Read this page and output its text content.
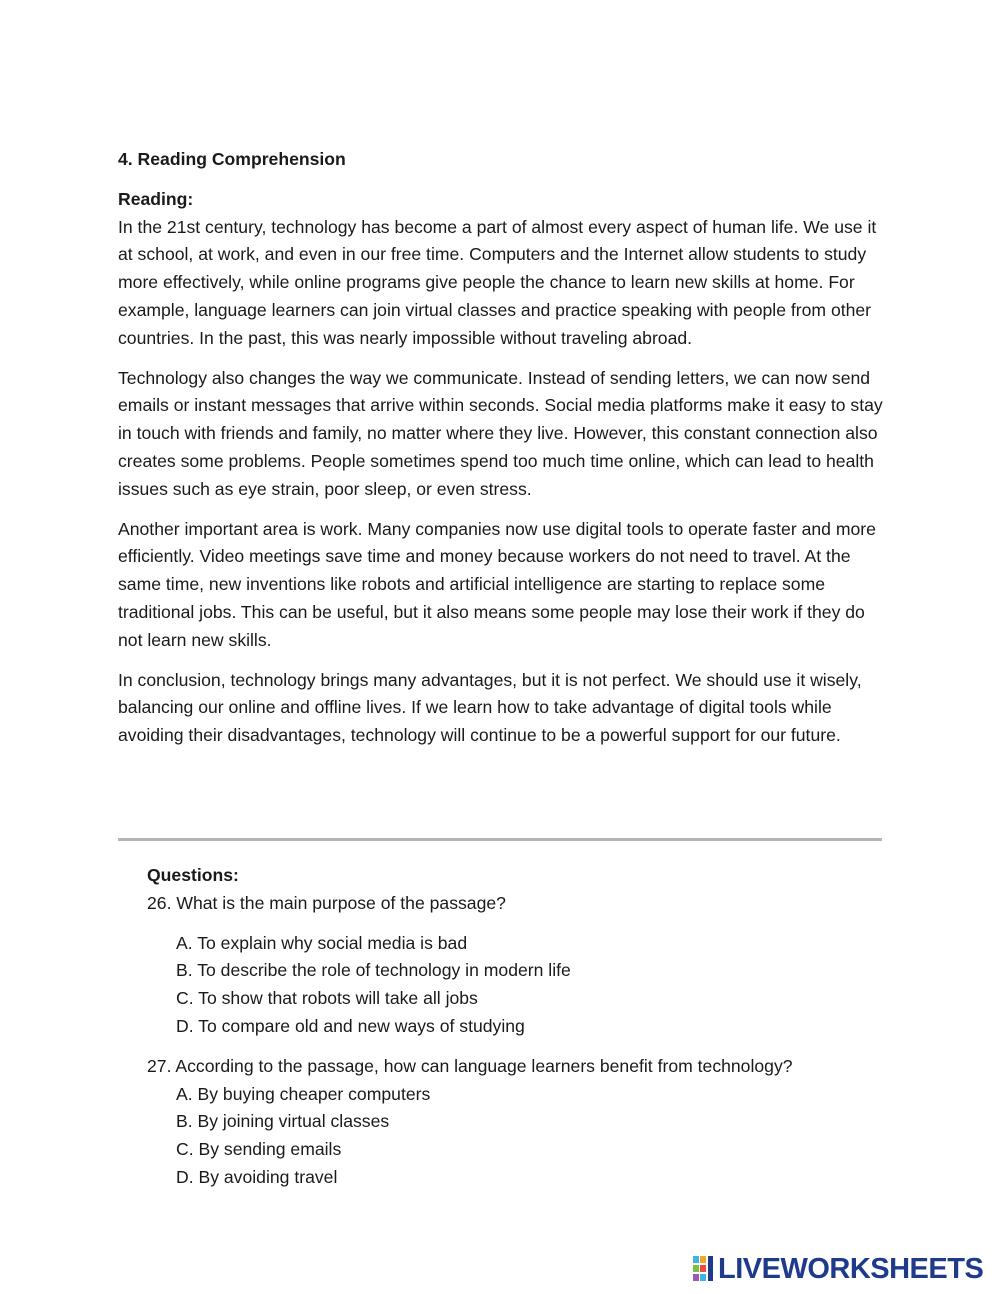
4. Reading Comprehension

Reading:

In the 21st century, technology has become a part of almost every aspect of human life. We use it at school, at work, and even in our free time. Computers and the Internet allow students to study more effectively, while online programs give people the chance to learn new skills at home. For example, language learners can join virtual classes and practice speaking with people from other countries. In the past, this was nearly impossible without traveling abroad.

Technology also changes the way we communicate. Instead of sending letters, we can now send emails or instant messages that arrive within seconds. Social media platforms make it easy to stay in touch with friends and family, no matter where they live. However, this constant connection also creates some problems. People sometimes spend too much time online, which can lead to health issues such as eye strain, poor sleep, or even stress.

Another important area is work. Many companies now use digital tools to operate faster and more efficiently. Video meetings save time and money because workers do not need to travel. At the same time, new inventions like robots and artificial intelligence are starting to replace some traditional jobs. This can be useful, but it also means some people may lose their work if they do not learn new skills.

In conclusion, technology brings many advantages, but it is not perfect. We should use it wisely, balancing our online and offline lives. If we learn how to take advantage of digital tools while avoiding their disadvantages, technology will continue to be a powerful support for our future.

Questions:

26. What is the main purpose of the passage?

A. To explain why social media is bad
B. To describe the role of technology in modern life
C. To show that robots will take all jobs
D. To compare old and new ways of studying

27. According to the passage, how can language learners benefit from technology?

A. By buying cheaper computers
B. By joining virtual classes
C. By sending emails
D. By avoiding travel
LIVEWORKSHEETS
